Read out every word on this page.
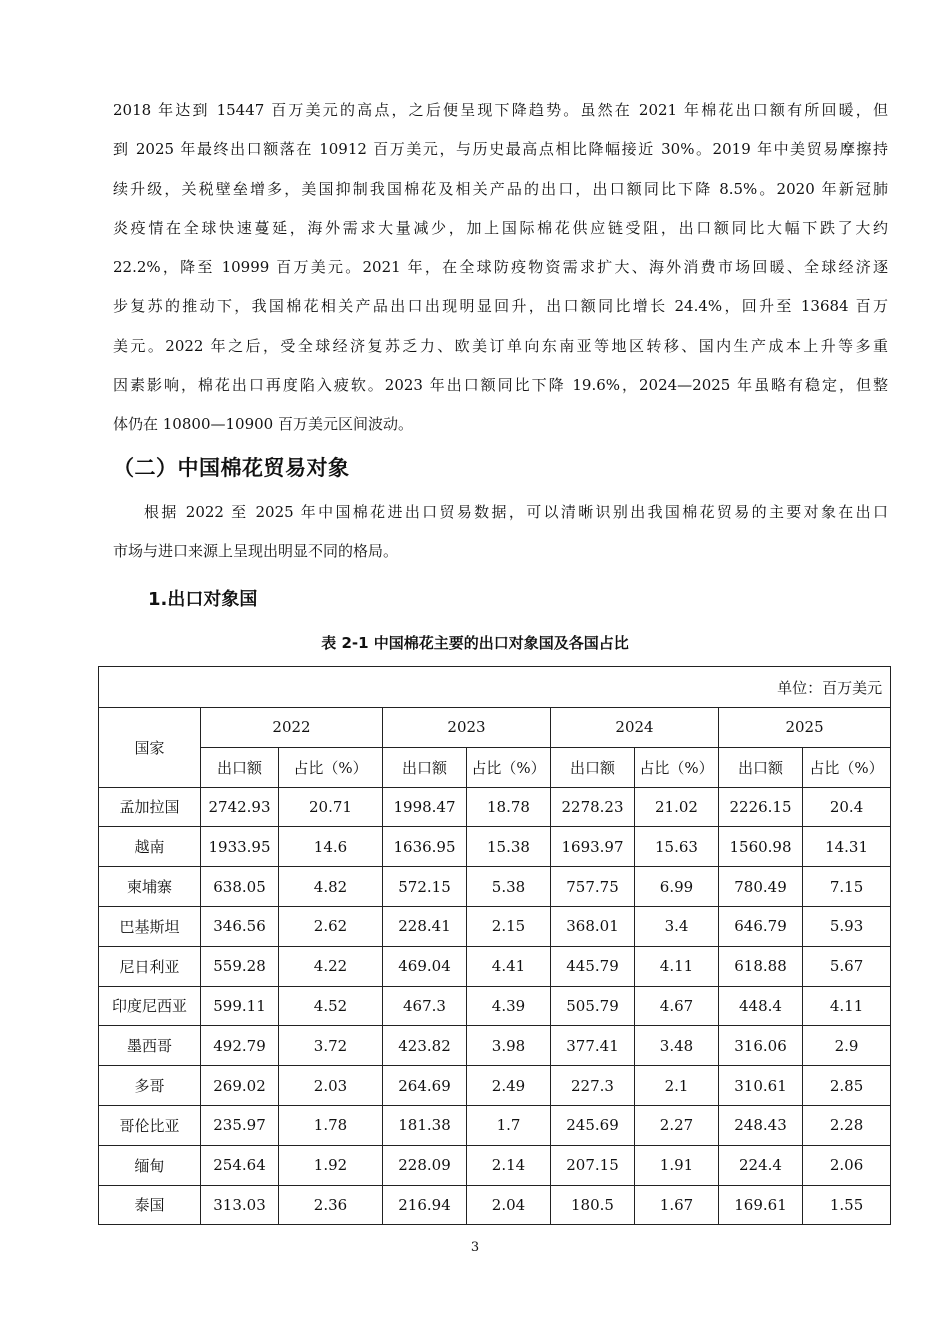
2018 年达到 15447 百万美元的高点，之后便呈现下降趋势。虽然在 2021 年棉花出口额有所回暖，但
到 2025 年最终出口额落在 10912 百万美元，与历史最高点相比降幅接近 30%。2019 年中美贸易摩擦持
续升级，关税壁垒增多，美国抑制我国棉花及相关产品的出口，出口额同比下降 8.5%。2020 年新冠肺
炎疫情在全球快速蔓延，海外需求大量减少，加上国际棉花供应链受阻，出口额同比大幅下跌了大约
22.2%，降至 10999 百万美元。2021 年，在全球防疫物资需求扩大、海外消费市场回暖、全球经济逐
步复苏的推动下，我国棉花相关产品出口出现明显回升，出口额同比增长 24.4%，回升至 13684 百万
美元。2022 年之后，受全球经济复苏乏力、欧美订单向东南亚等地区转移、国内生产成本上升等多重
因素影响，棉花出口再度陷入疲软。2023 年出口额同比下降 19.6%，2024—2025 年虽略有稳定，但整
体仍在 10800—10900 百万美元区间波动。
（二）中国棉花贸易对象
根据 2022 至 2025 年中国棉花进出口贸易数据，可以清晰识别出我国棉花贸易的主要对象在出口
市场与进口来源上呈现出明显不同的格局。
1.出口对象国
表 2-1 中国棉花主要的出口对象国及各国占比
单位：百万美元								
国家	2022		2023		2024		2025	
	出口额	占比（%）	出口额	占比（%）	出口额	占比（%）	出口额	占比（%）
孟加拉国	2742.93	20.71	1998.47	18.78	2278.23	21.02	2226.15	20.4
越南	1933.95	14.6	1636.95	15.38	1693.97	15.63	1560.98	14.31
柬埔寨	638.05	4.82	572.15	5.38	757.75	6.99	780.49	7.15
巴基斯坦	346.56	2.62	228.41	2.15	368.01	3.4	646.79	5.93
尼日利亚	559.28	4.22	469.04	4.41	445.79	4.11	618.88	5.67
印度尼西亚	599.11	4.52	467.3	4.39	505.79	4.67	448.4	4.11
墨西哥	492.79	3.72	423.82	3.98	377.41	3.48	316.06	2.9
多哥	269.02	2.03	264.69	2.49	227.3	2.1	310.61	2.85
哥伦比亚	235.97	1.78	181.38	1.7	245.69	2.27	248.43	2.28
缅甸	254.64	1.92	228.09	2.14	207.15	1.91	224.4	2.06
泰国	313.03	2.36	216.94	2.04	180.5	1.67	169.61	1.55
3
